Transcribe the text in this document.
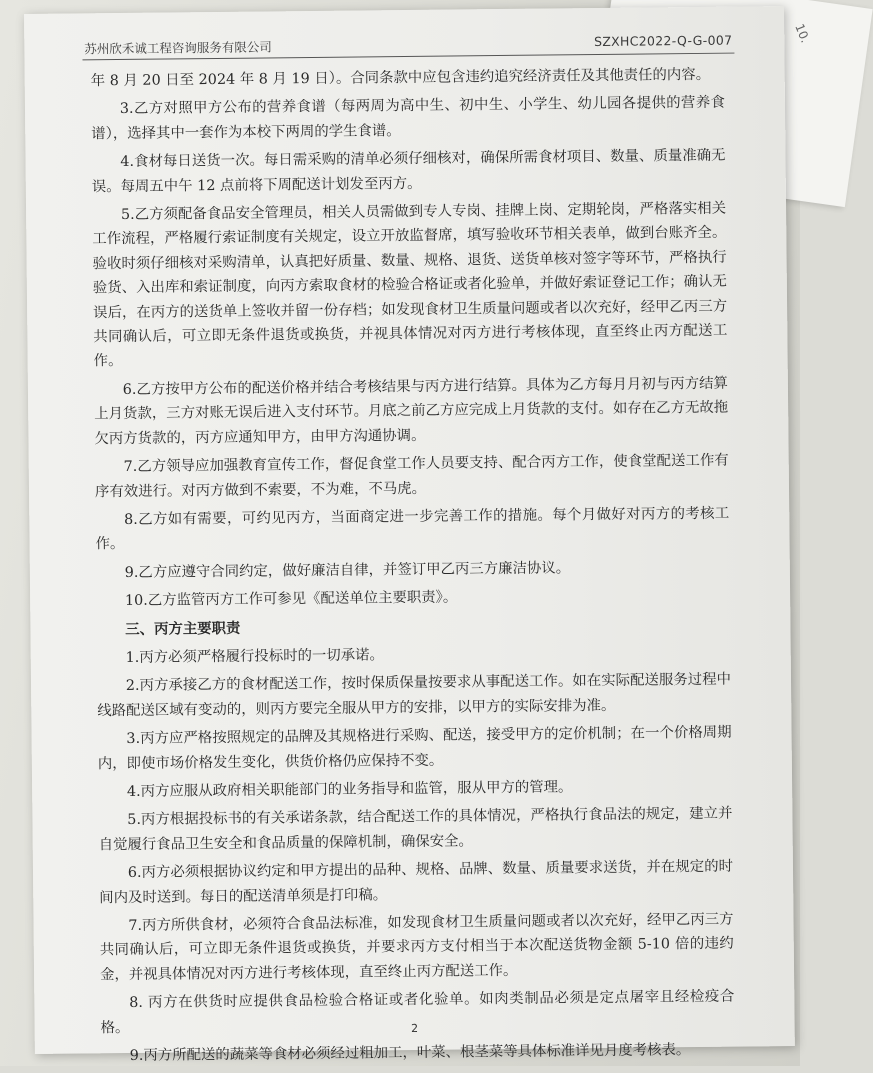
10.
苏州欣禾诚工程咨询服务有限公司	SZXHC2022-Q-G-007

年 8 月 20 日至 2024 年 8 月 19 日）。合同条款中应包含违约追究经济责任及其他责任的内容。

3.乙方对照甲方公布的营养食谱（每两周为高中生、初中生、小学生、幼儿园各提供的营养食谱），选择其中一套作为本校下两周的学生食谱。

4.食材每日送货一次。每日需采购的清单必须仔细核对，确保所需食材项目、数量、质量准确无误。每周五中午 12 点前将下周配送计划发至丙方。

5.乙方须配备食品安全管理员，相关人员需做到专人专岗、挂牌上岗、定期轮岗，严格落实相关工作流程，严格履行索证制度有关规定，设立开放监督席，填写验收环节相关表单，做到台账齐全。验收时须仔细核对采购清单，认真把好质量、数量、规格、退货、送货单核对签字等环节，严格执行验货、入出库和索证制度，向丙方索取食材的检验合格证或者化验单，并做好索证登记工作；确认无误后，在丙方的送货单上签收并留一份存档；如发现食材卫生质量问题或者以次充好，经甲乙丙三方共同确认后，可立即无条件退货或换货，并视具体情况对丙方进行考核体现，直至终止丙方配送工作。

6.乙方按甲方公布的配送价格并结合考核结果与丙方进行结算。具体为乙方每月月初与丙方结算上月货款，三方对账无误后进入支付环节。月底之前乙方应完成上月货款的支付。如存在乙方无故拖欠丙方货款的，丙方应通知甲方，由甲方沟通协调。

7.乙方领导应加强教育宣传工作，督促食堂工作人员要支持、配合丙方工作，使食堂配送工作有序有效进行。对丙方做到不索要，不为难，不马虎。

8.乙方如有需要，可约见丙方，当面商定进一步完善工作的措施。每个月做好对丙方的考核工作。

9.乙方应遵守合同约定，做好廉洁自律，并签订甲乙丙三方廉洁协议。

10.乙方监管丙方工作可参见《配送单位主要职责》。

三、丙方主要职责

1.丙方必须严格履行投标时的一切承诺。

2.丙方承接乙方的食材配送工作，按时保质保量按要求从事配送工作。如在实际配送服务过程中线路配送区域有变动的，则丙方要完全服从甲方的安排，以甲方的实际安排为准。

3.丙方应严格按照规定的品牌及其规格进行采购、配送，接受甲方的定价机制；在一个价格周期内，即使市场价格发生变化，供货价格仍应保持不变。

4.丙方应服从政府相关职能部门的业务指导和监管，服从甲方的管理。

5.丙方根据投标书的有关承诺条款，结合配送工作的具体情况，严格执行食品法的规定，建立并自觉履行食品卫生安全和食品质量的保障机制，确保安全。

6.丙方必须根据协议约定和甲方提出的品种、规格、品牌、数量、质量要求送货，并在规定的时间内及时送到。每日的配送清单须是打印稿。

7.丙方所供食材，必须符合食品法标准，如发现食材卫生质量问题或者以次充好，经甲乙丙三方共同确认后，可立即无条件退货或换货，并要求丙方支付相当于本次配送货物金额 5-10 倍的违约金，并视具体情况对丙方进行考核体现，直至终止丙方配送工作。

8. 丙方在供货时应提供食品检验合格证或者化验单。如肉类制品必须是定点屠宰且经检疫合格。

9.丙方所配送的蔬菜等食材必须经过粗加工，叶菜、根茎菜等具体标准详见月度考核表。

2
